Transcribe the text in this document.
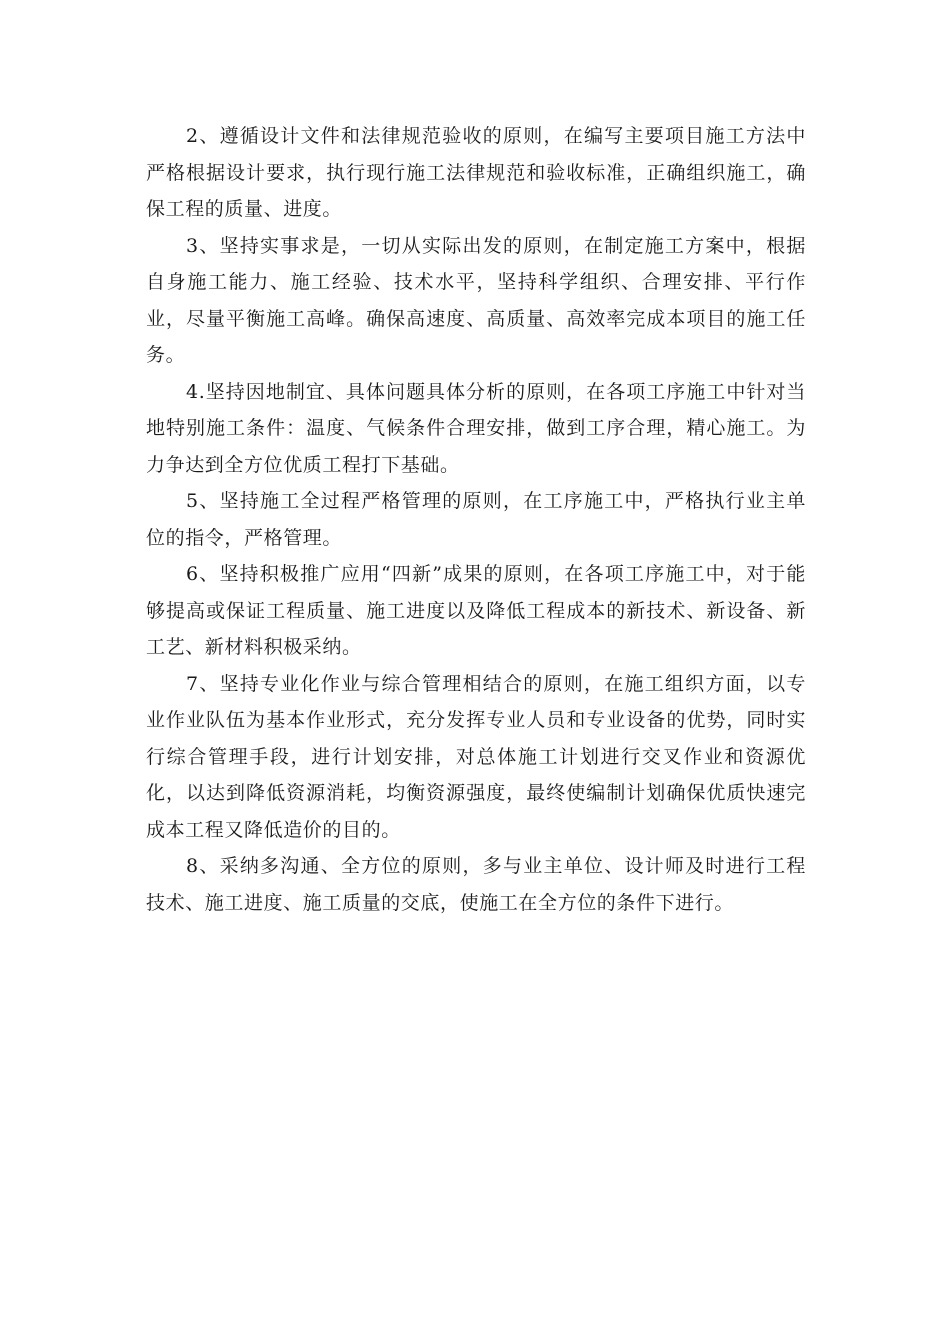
2、遵循设计文件和法律规范验收的原则，在编写主要项目施工方法中严格根据设计要求，执行现行施工法律规范和验收标准，正确组织施工，确保工程的质量、进度。

3、坚持实事求是，一切从实际出发的原则，在制定施工方案中，根据自身施工能力、施工经验、技术水平，坚持科学组织、合理安排、平行作业，尽量平衡施工高峰。确保高速度、高质量、高效率完成本项目的施工任务。

4.坚持因地制宜、具体问题具体分析的原则，在各项工序施工中针对当地特别施工条件：温度、气候条件合理安排，做到工序合理，精心施工。为力争达到全方位优质工程打下基础。

5、坚持施工全过程严格管理的原则，在工序施工中，严格执行业主单位的指令，严格管理。

6、坚持积极推广应用“四新”成果的原则，在各项工序施工中，对于能够提高或保证工程质量、施工进度以及降低工程成本的新技术、新设备、新工艺、新材料积极采纳。

7、坚持专业化作业与综合管理相结合的原则，在施工组织方面，以专业作业队伍为基本作业形式，充分发挥专业人员和专业设备的优势，同时实行综合管理手段，进行计划安排，对总体施工计划进行交叉作业和资源优化，以达到降低资源消耗，均衡资源强度，最终使编制计划确保优质快速完成本工程又降低造价的目的。

8、采纳多沟通、全方位的原则，多与业主单位、设计师及时进行工程技术、施工进度、施工质量的交底，使施工在全方位的条件下进行。
